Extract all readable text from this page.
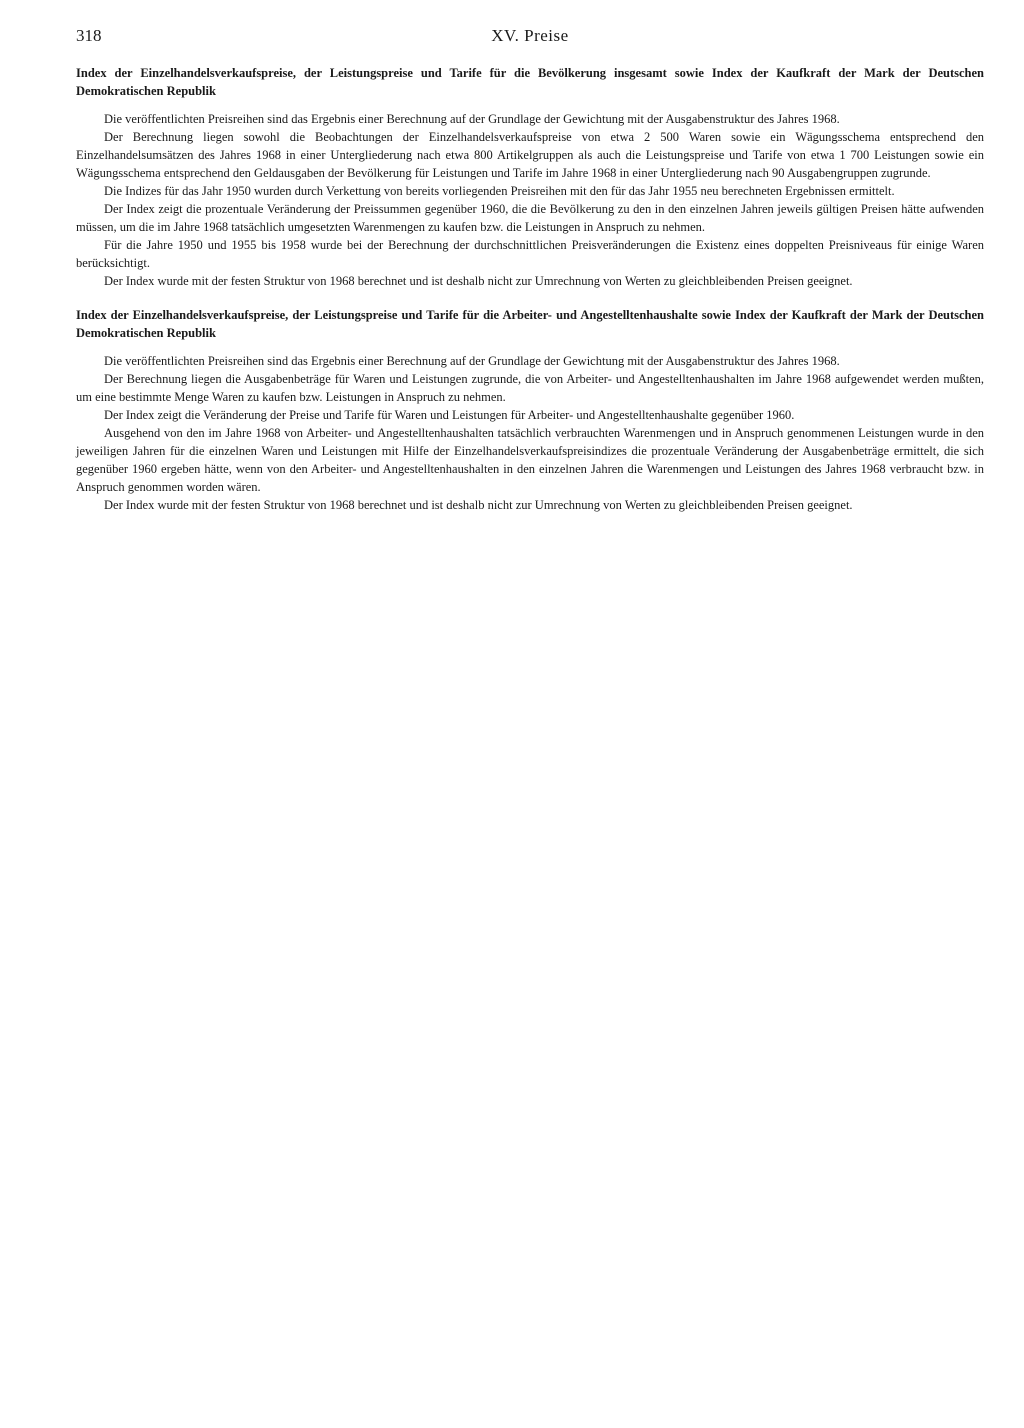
318	XV. Preise

Index der Einzelhandelsverkaufspreise, der Leistungspreise und Tarife für die Bevölkerung insgesamt sowie Index der Kaufkraft der Mark der Deutschen Demokratischen Republik

Die veröffentlichten Preisreihen sind das Ergebnis einer Berechnung auf der Grundlage der Gewichtung mit der Ausgabenstruktur des Jahres 1968.

Der Berechnung liegen sowohl die Beobachtungen der Einzelhandelsverkaufspreise von etwa 2 500 Waren sowie ein Wägungsschema entsprechend den Einzelhandelsumsätzen des Jahres 1968 in einer Untergliederung nach etwa 800 Artikelgruppen als auch die Leistungspreise und Tarife von etwa 1 700 Leistungen sowie ein Wägungsschema entsprechend den Geldausgaben der Bevölkerung für Leistungen und Tarife im Jahre 1968 in einer Untergliederung nach 90 Ausgabengruppen zugrunde.

Die Indizes für das Jahr 1950 wurden durch Verkettung von bereits vorliegenden Preisreihen mit den für das Jahr 1955 neu berechneten Ergebnissen ermittelt.

Der Index zeigt die prozentuale Veränderung der Preissummen gegenüber 1960, die die Bevölkerung zu den in den einzelnen Jahren jeweils gültigen Preisen hätte aufwenden müssen, um die im Jahre 1968 tatsächlich umgesetzten Warenmengen zu kaufen bzw. die Leistungen in Anspruch zu nehmen.

Für die Jahre 1950 und 1955 bis 1958 wurde bei der Berechnung der durchschnittlichen Preisveränderungen die Existenz eines doppelten Preisniveaus für einige Waren berücksichtigt.

Der Index wurde mit der festen Struktur von 1968 berechnet und ist deshalb nicht zur Umrechnung von Werten zu gleichbleibenden Preisen geeignet.

Index der Einzelhandelsverkaufspreise, der Leistungspreise und Tarife für die Arbeiter- und Angestelltenhaushalte sowie Index der Kaufkraft der Mark der Deutschen Demokratischen Republik

Die veröffentlichten Preisreihen sind das Ergebnis einer Berechnung auf der Grundlage der Gewichtung mit der Ausgabenstruktur des Jahres 1968.

Der Berechnung liegen die Ausgabenbeträge für Waren und Leistungen zugrunde, die von Arbeiter- und Angestelltenhaushalten im Jahre 1968 aufgewendet werden mußten, um eine bestimmte Menge Waren zu kaufen bzw. Leistungen in Anspruch zu nehmen.

Der Index zeigt die Veränderung der Preise und Tarife für Waren und Leistungen für Arbeiter- und Angestelltenhaushalte gegenüber 1960.

Ausgehend von den im Jahre 1968 von Arbeiter- und Angestelltenhaushalten tatsächlich verbrauchten Warenmengen und in Anspruch genommenen Leistungen wurde in den jeweiligen Jahren für die einzelnen Waren und Leistungen mit Hilfe der Einzelhandelsverkaufspreisindizes die prozentuale Veränderung der Ausgabenbeträge ermittelt, die sich gegenüber 1960 ergeben hätte, wenn von den Arbeiter- und Angestelltenhaushalten in den einzelnen Jahren die Warenmengen und Leistungen des Jahres 1968 verbraucht bzw. in Anspruch genommen worden wären.

Der Index wurde mit der festen Struktur von 1968 berechnet und ist deshalb nicht zur Umrechnung von Werten zu gleichbleibenden Preisen geeignet.
